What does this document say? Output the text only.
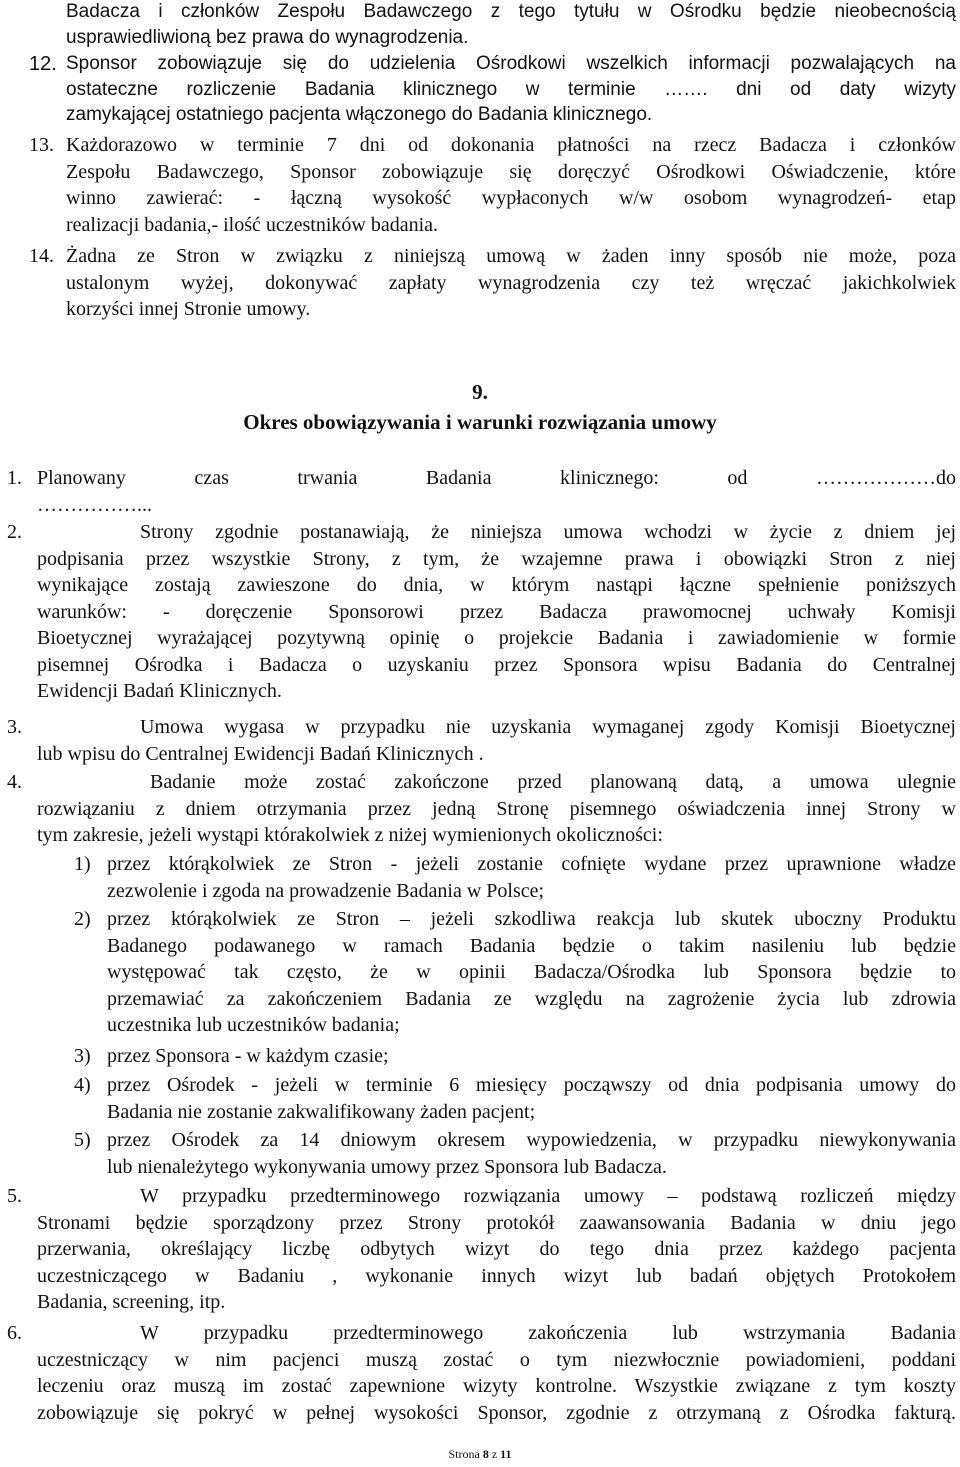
Badacza i członków Zespołu Badawczego z tego tytułu w Ośrodku będzie nieobecnością
usprawiedliwioną bez prawa do wynagrodzenia.
12. Sponsor zobowiązuje się do udzielenia Ośrodkowi wszelkich informacji pozwalających na
ostateczne rozliczenie Badania klinicznego w terminie ……. dni od daty wizyty
zamykającej ostatniego pacjenta włączonego do Badania klinicznego.
13. Każdorazowo w terminie 7 dni od dokonania płatności na rzecz Badacza i członków
Zespołu Badawczego, Sponsor zobowiązuje się doręczyć Ośrodkowi Oświadczenie, które
winno zawierać: - łączną wysokość wypłaconych w/w osobom wynagrodzeń- etap
realizacji badania,- ilość uczestników badania.
14. Żadna ze Stron w związku z niniejszą umową w żaden inny sposób nie może, poza
ustalonym wyżej, dokonywać zapłaty wynagrodzenia czy też wręczać jakichkolwiek
korzyści innej Stronie umowy.
9.
Okres obowiązywania i warunki rozwiązania umowy
1. Planowany czas trwania Badania klinicznego: od ………………do
……………...
2.	Strony zgodnie postanawiają, że niniejsza umowa wchodzi w życie z dniem jej
podpisania przez wszystkie Strony, z tym, że wzajemne prawa i obowiązki Stron z niej
wynikające zostają zawieszone do dnia, w którym nastąpi łączne spełnienie poniższych
warunków: - doręczenie Sponsorowi przez Badacza prawomocnej uchwały Komisji
Bioetycznej wyrażającej pozytywną opinię o projekcie Badania i zawiadomienie w formie
pisemnej Ośrodka i Badacza o uzyskaniu przez Sponsora wpisu Badania do Centralnej
Ewidencji Badań Klinicznych.
3.	Umowa wygasa w przypadku nie uzyskania wymaganej zgody Komisji Bioetycznej
lub wpisu do Centralnej Ewidencji Badań Klinicznych .
4.	Badanie może zostać zakończone przed planowaną datą, a umowa ulegnie
rozwiązaniu z dniem otrzymania przez jedną Stronę pisemnego oświadczenia innej Strony w
tym zakresie, jeżeli wystąpi którakolwiek z niżej wymienionych okoliczności:
1) przez którąkolwiek ze Stron - jeżeli zostanie cofnięte wydane przez uprawnione władze
zezwolenie i zgoda na prowadzenie Badania w Polsce;
2) przez którąkolwiek ze Stron – jeżeli szkodliwa reakcja lub skutek uboczny Produktu
Badanego podawanego w ramach Badania będzie o takim nasileniu lub będzie
występować tak często, że w opinii Badacza/Ośrodka lub Sponsora będzie to
przemawiać za zakończeniem Badania ze względu na zagrożenie życia lub zdrowia
uczestnika lub uczestników badania;
3) przez Sponsora - w każdym czasie;
4) przez Ośrodek - jeżeli w terminie 6 miesięcy począwszy od dnia podpisania umowy do
Badania nie zostanie zakwalifikowany żaden pacjent;
5) przez Ośrodek za 14 dniowym okresem wypowiedzenia, w przypadku niewykonywania
lub nienależytego wykonywania umowy przez Sponsora lub Badacza.
5.	W przypadku przedterminowego rozwiązania umowy – podstawą rozliczeń między
Stronami będzie sporządzony przez Strony protokół zaawansowania Badania w dniu jego
przerwania, określający liczbę odbytych wizyt do tego dnia przez każdego pacjenta
uczestniczącego w Badaniu , wykonanie innych wizyt lub badań objętych Protokołem
Badania, screening, itp.
6.	W przypadku przedterminowego zakończenia lub wstrzymania Badania
uczestniczący w nim pacjenci muszą zostać o tym niezwłocznie powiadomieni, poddani
leczeniu oraz muszą im zostać zapewnione wizyty kontrolne. Wszystkie związane z tym koszty
zobowiązuje się pokryć w pełnej wysokości Sponsor, zgodnie z otrzymaną z Ośrodka fakturą.
Strona 8 z 11
